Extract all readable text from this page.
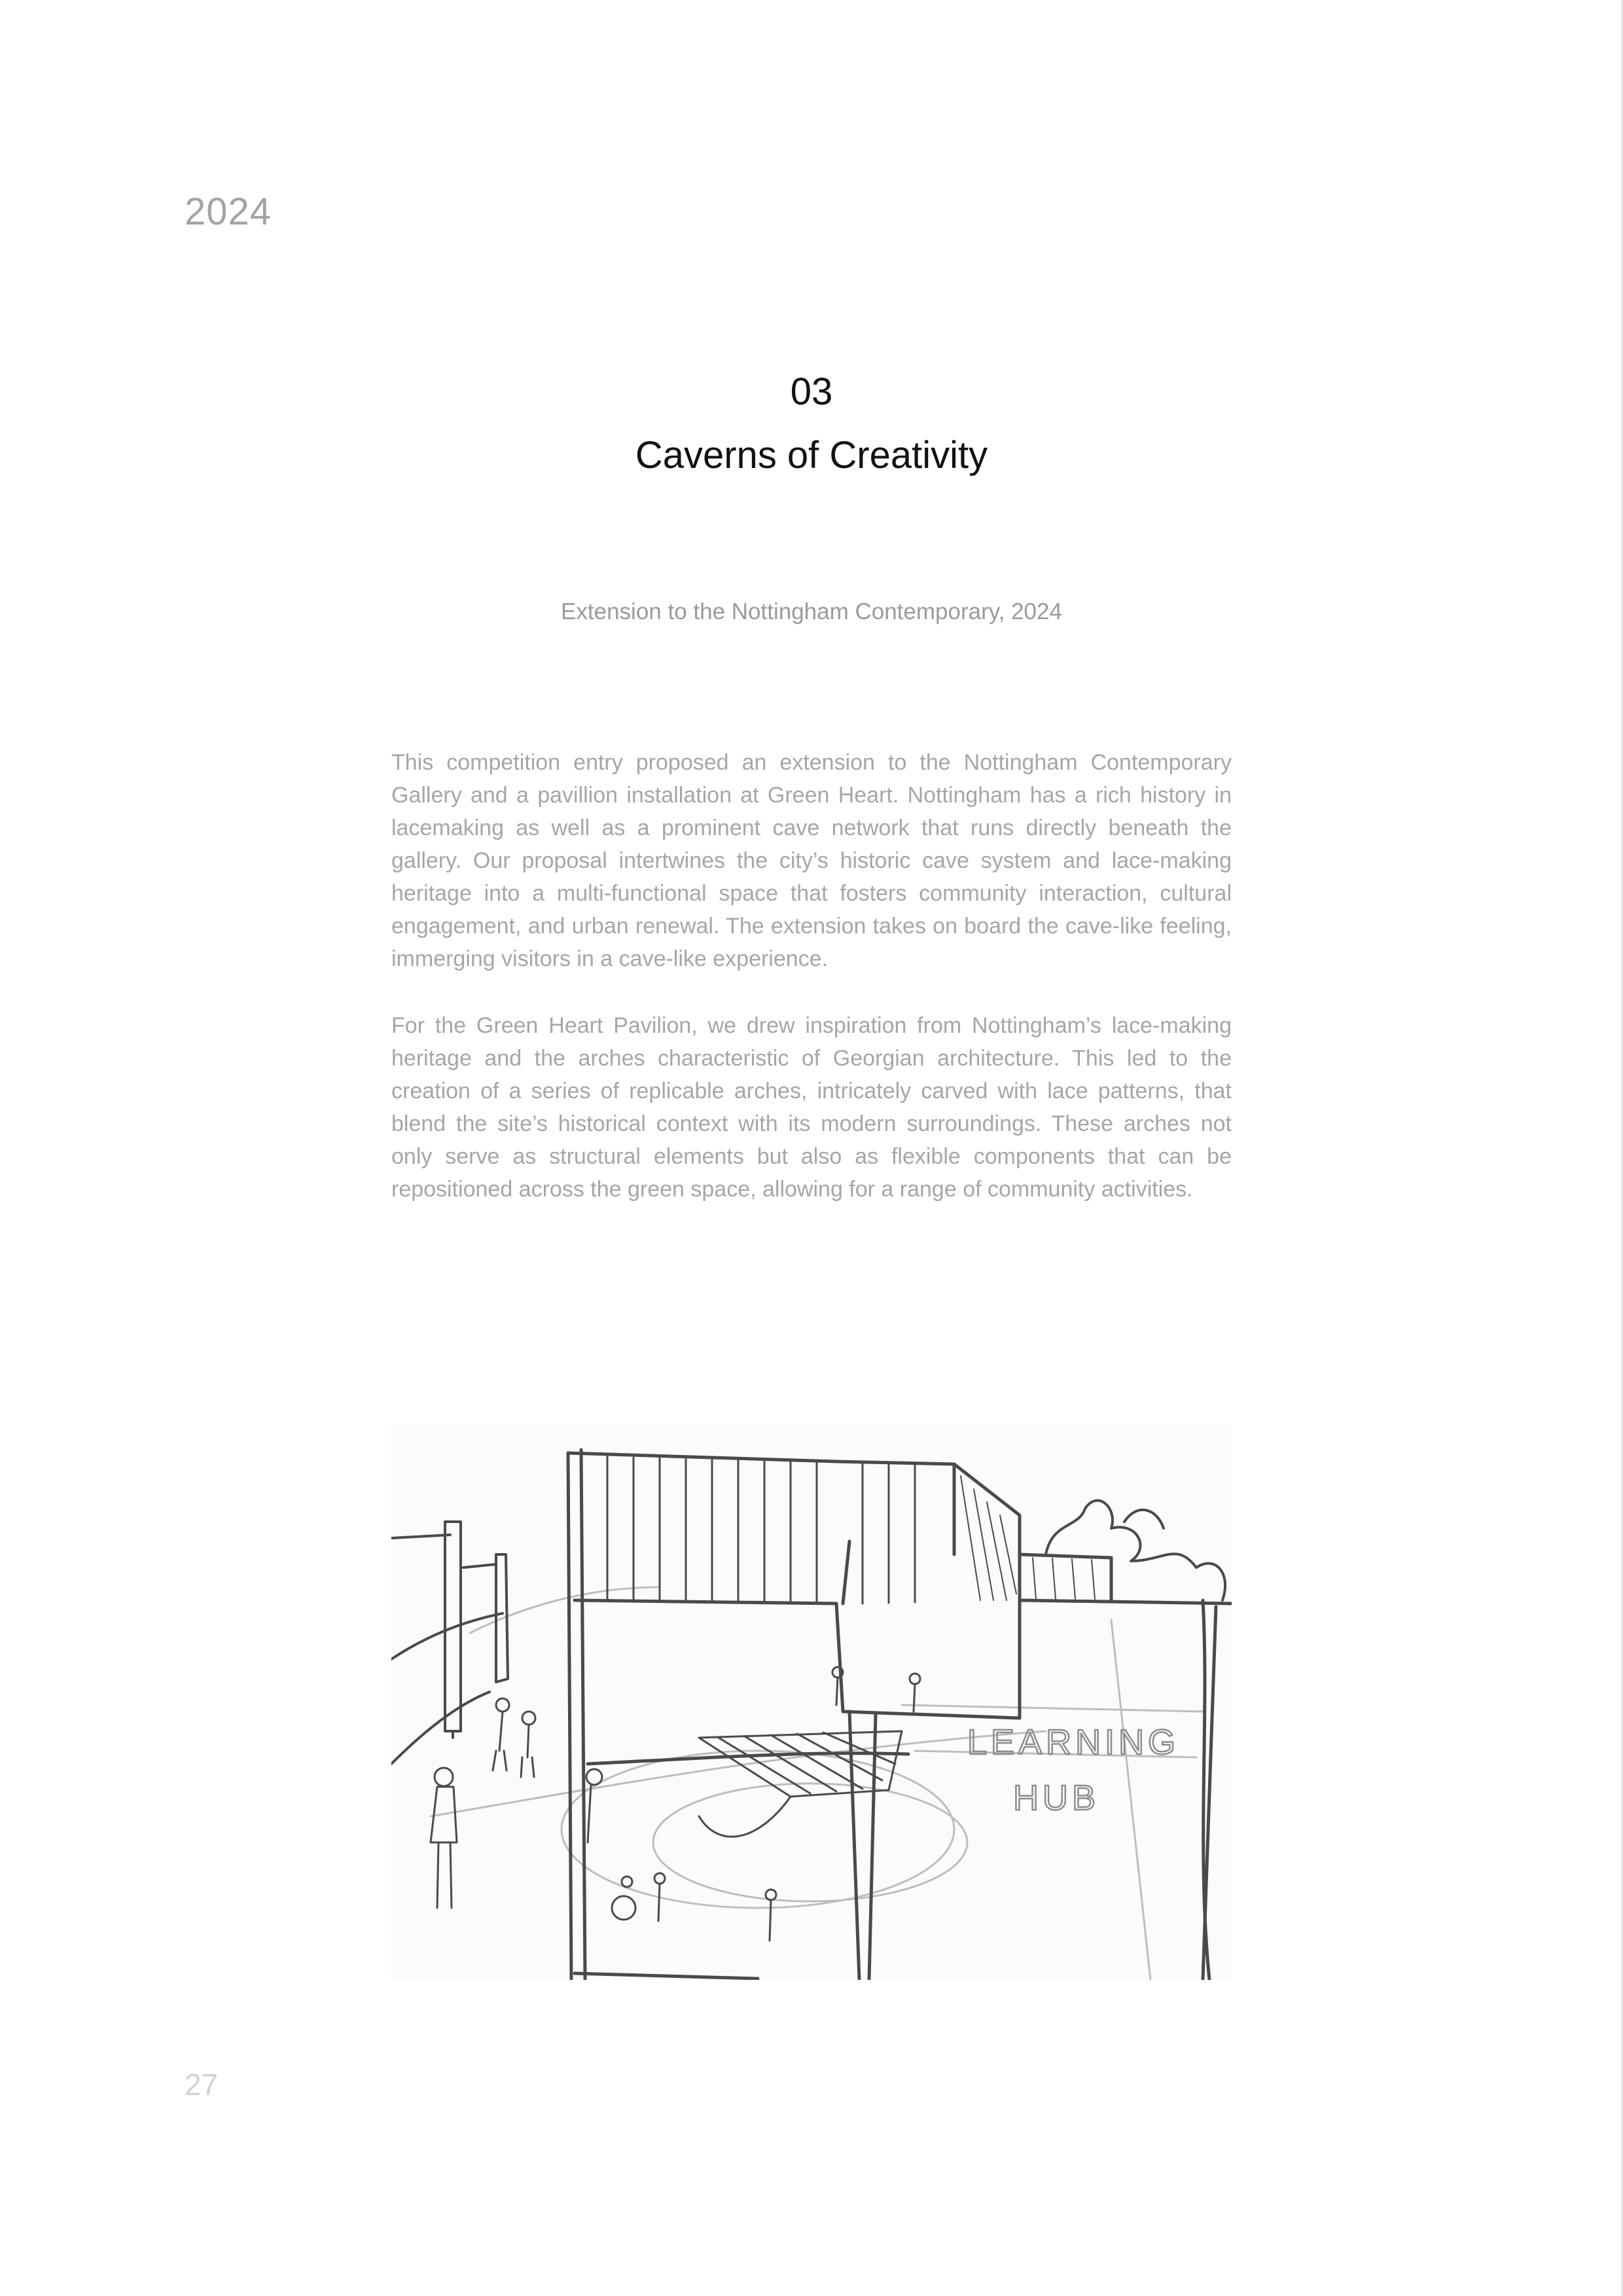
2024
03
Caverns of Creativity
Extension to the Nottingham Contemporary, 2024

This competition entry proposed an extension to the Nottingham Contemporary Gallery and a pavillion installation at Green Heart. Nottingham has a rich history in lacemaking as well as a prominent cave network that runs directly beneath the gallery. Our proposal intertwines the city’s historic cave system and lace-making heritage into a multi-functional space that fosters community interaction, cultural engagement, and urban renewal. The extension takes on board the cave-like feeling, immerging visitors in a cave-like experience.

For the Green Heart Pavilion, we drew inspiration from Nottingham’s lace-making heritage and the arches characteristic of Georgian architecture. This led to the creation of a series of replicable arches, intricately carved with lace patterns, that blend the site’s historical context with its modern surroundings. These arches not only serve as structural elements but also as flexible components that can be repositioned across the green space, allowing for a range of community activities.

LEARNING
HUB
27
